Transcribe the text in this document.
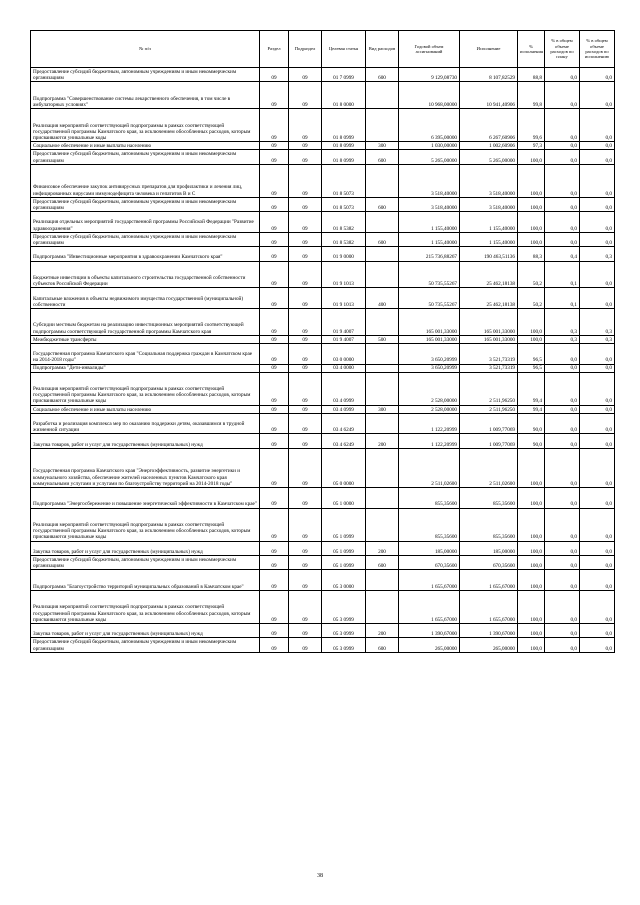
№ п/п	Раздел	Подраздел	Целевая статья	Вид расходов	Годовой объем ассигнований	Исполнение	% исполнения	% в общем объеме расходов по плану	% в общем объеме расходов по исполнению
Предоставление субсидий бюджетным, автономным учреждениям и иным некоммерческим организациям	09	09	01 7 0999	600	9 129,08730	8 107,82529	88,8	0,0	0,0
Подпрограмма "Совершенствование системы лекарственного обеспечения, в том числе в амбулаторных условиях"	09	09	01 8 0000		10 968,00000	10 941,40906	99,8	0,0	0,0
Реализация мероприятий соответствующей подпрограммы в рамках соответствующей государственной программы Камчатского края, за исключением обособленных расходов, которым присваиваются уникальные коды	09	09	01 8 0999		6 395,00000	6 267,60906	99,6	0,0	0,0
Социальное обеспечение и иные выплаты населению	09	09	01 8 0999	300	1 030,00000	1 002,60906	97,3	0,0	0,0
Предоставление субсидий бюджетным, автономным учреждениям и иным некоммерческим организациям	09	09	01 8 0999	600	5 265,00000	5 265,00000	100,0	0,0	0,0
Финансовое обеспечение закупок антивирусных препаратов для профилактики и лечения лиц, инфицированных вирусами иммунодефицита человека и гепатитов В и С	09	09	01 8 5073		3 518,40000	3 518,40000	100,0	0,0	0,0
Предоставление субсидий бюджетным, автономным учреждениям и иным некоммерческим организациям	09	09	01 8 5073	600	3 518,40000	3 518,40000	100,0	0,0	0,0
Реализация отдельных мероприятий государственной программы Российской Федерации "Развитие здравоохранения"	09	09	01 8 5382		1 155,40000	1 155,40000	100,0	0,0	0,0
Предоставление субсидий бюджетным, автономным учреждениям и иным некоммерческим организациям	09	09	01 8 5382	600	1 155,40000	1 155,40000	100,0	0,0	0,0
Подпрограмма "Инвестиционные мероприятия в здравоохранении Камчатского края"	09	09	01 9 0000		215 736,88267	190 463,51136	88,3	0,4	0,3
Бюджетные инвестиции в объекты капитального строительства государственной собственности субъектов Российской Федерации	09	09	01 9 1013		50 735,55267	25 462,18138	50,2	0,1	0,0
Капитальные вложения в объекты недвижимого имущества государственной (муниципальной) собственности	09	09	01 9 1013	400	50 735,55267	25 462,18138	50,2	0,1	0,0
Субсидии местным бюджетам на реализацию инвестиционных мероприятий соответствующей подпрограммы соответствующей государственной программы Камчатского края	09	09	01 9 4007		165 001,33000	165 001,33000	100,0	0,3	0,3
Межбюджетные трансферты	09	09	01 9 4007	500	165 001,33000	165 001,33000	100,0	0,3	0,3
Государственная программа Камчатского края "Социальная поддержка граждан в Камчатском крае на 2014-2018 годы"	09	09	03 0 0000		3 650,20999	3 521,73319	96,5	0,0	0,0
Подпрограмма "Дети-инвалиды"	09	09	03 4 0000		3 650,20999	3 521,73319	96,5	0,0	0,0
Реализация мероприятий соответствующей подпрограммы в рамках соответствующей государственной программы Камчатского края, за исключением обособленных расходов, которым присваиваются уникальные коды	09	09	03 4 0999		2 528,00000	2 511,96250	99,4	0,0	0,0
Социальное обеспечение и иные выплаты населению	09	09	03 4 0999	300	2 528,00000	2 511,96250	99,4	0,0	0,0
Разработка и реализация комплекса мер по оказанию поддержки детям, оказавшимся в трудной жизненной ситуации	09	09	03 4 6249		1 122,20999	1 009,77069	90,0	0,0	0,0
Закупка товаров, работ и услуг для государственных (муниципальных) нужд	09	09	03 4 6249	200	1 122,20999	1 009,77069	90,0	0,0	0,0
Государственная программа Камчатского края "Энергоэффективность, развитие энергетики и коммунального хозяйства, обеспечение жителей населенных пунктов Камчатского края коммунальными услугами и услугами по благоустройству территорий на 2014-2018 годы"	09	09	05 0 0000		2 511,02600	2 511,02600	100,0	0,0	0,0
Подпрограмма "Энергосбережение и повышение энергетической эффективности в Камчатском крае"	09	09	05 1 0000		855,35600	855,35600	100,0	0,0	0,0
Реализация мероприятий соответствующей подпрограммы в рамках соответствующей государственной программы Камчатского края, за исключением обособленных расходов, которым присваиваются уникальные коды	09	09	05 1 0999		855,35600	855,35600	100,0	0,0	0,0
Закупка товаров, работ и услуг для государственных (муниципальных) нужд	09	09	05 1 0999	200	185,00000	185,00000	100,0	0,0	0,0
Предоставление субсидий бюджетным, автономным учреждениям и иным некоммерческим организациям	09	09	05 1 0999	600	670,35600	670,35600	100,0	0,0	0,0
Подпрограмма "Благоустройство территорий муниципальных образований в Камчатском крае"	09	09	05 3 0000		1 655,67000	1 655,67000	100,0	0,0	0,0
Реализация мероприятий соответствующей подпрограммы в рамках соответствующей государственной программы Камчатского края, за исключением обособленных расходов, которым присваиваются уникальные коды	09	09	05 3 0999		1 655,67000	1 655,67000	100,0	0,0	0,0
Закупка товаров, работ и услуг для государственных (муниципальных) нужд	09	09	05 3 0999	200	1 390,67000	1 390,67000	100,0	0,0	0,0
Предоставление субсидий бюджетным, автономным учреждениям и иным некоммерческим организациям	09	09	05 3 0999	600	265,00000	265,00000	100,0	0,0	0,0
38
